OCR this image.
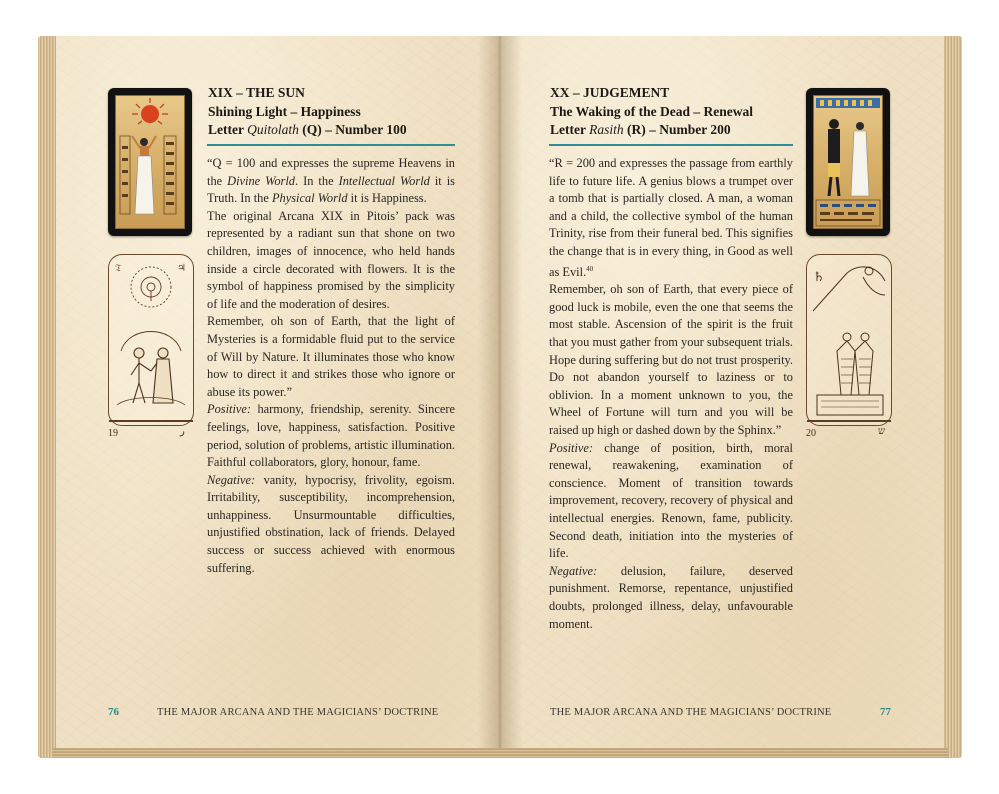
𝔗	♃
19	ر
XIX – THE SUN
Shining Light – Happiness
Letter Quitolath (Q) – Number 100

“Q = 100 and expresses the supreme Heavens in the Divine World. In the Intellectual World it is Truth. In the Physical World it is Happiness.

The original Arcana XIX in Pitois’ pack was represented by a radiant sun that shone on two children, images of innocence, who held hands inside a circle decorated with flowers. It is the symbol of happiness promised by the simplicity of life and the moderation of desires.

Remember, oh son of Earth, that the light of Mysteries is a formidable fluid put to the service of Will by Nature. It illuminates those who know how to direct it and strikes those who ignore or abuse its power.”

Positive: harmony, friendship, serenity. Sincere feelings, love, happiness, satisfaction. Positive period, solution of problems, artistic illumination. Faithful collaborators, glory, honour, fame.

Negative: vanity, hypocrisy, frivolity, egoism. Irritability, susceptibility, incomprehension, unhappiness. Unsurmountable difficulties, unjustified obstination, lack of friends. Delayed success or success achieved with enormous suffering.

76	THE MAJOR ARCANA AND THE MAGICIANS’ DOCTRINE
XX – JUDGEMENT
The Waking of the Dead – Renewal
Letter Rasith (R) – Number 200

“R = 200 and expresses the passage from earthly life to future life. A genius blows a trumpet over a tomb that is partially closed. A man, a woman and a child, the collective symbol of the human Trinity, rise from their funeral bed. This signifies the change that is in every thing, in Good as well as Evil.$^{40}$

Remember, oh son of Earth, that every piece of good luck is mobile, even the one that seems the most stable. Ascension of the spirit is the fruit that you must gather from your subsequent trials. Hope during suffering but do not trust prosperity. Do not abandon yourself to laziness or to oblivion. In a moment unknown to you, the Wheel of Fortune will turn and you will be raised up high or dashed down by the Sphinx.”

Positive: change of position, birth, moral renewal, reawakening, examination of conscience. Moment of transition towards improvement, recovery, recovery of physical and intellectual energies. Renown, fame, publicity. Second death, initiation into the mysteries of life.

Negative: delusion, failure, deserved punishment. Remorse, repentance, unjustified doubts, prolonged illness, delay, unfavourable moment.

♄
20	ש
THE MAJOR ARCANA AND THE MAGICIANS’ DOCTRINE	77
